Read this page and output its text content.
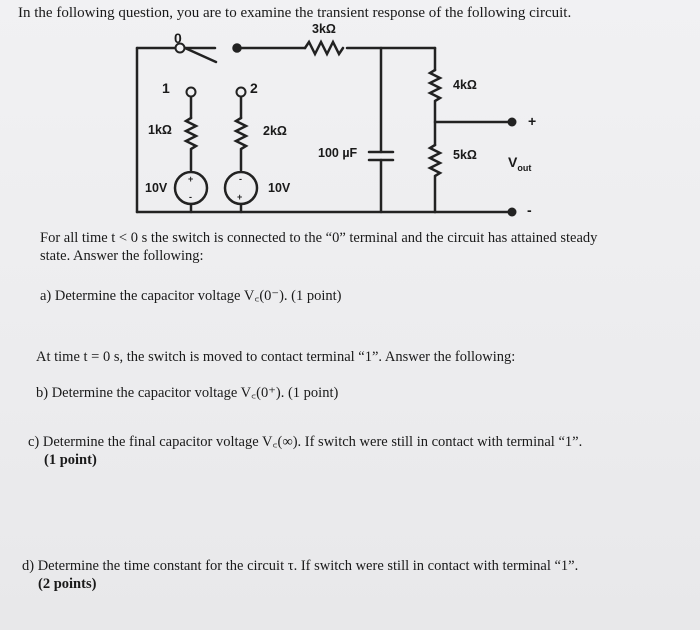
In the following question, you are to examine the transient response of the following circuit.
+
-
-
+
0
1	2
3kΩ
1kΩ	2kΩ
4kΩ
5kΩ
100 µF
10V	10V
+
-
$V_{out}$
For all time t < 0 s the switch is connected to the “0” terminal and the circuit has attained steady
state. Answer the following:
a) Determine the capacitor voltage V꜀(0⁻). (1 point)
At time t = 0 s, the switch is moved to contact terminal “1”. Answer the following:
b) Determine the capacitor voltage V꜀(0⁺). (1 point)
c) Determine the final capacitor voltage V꜀(∞). If switch were still in contact with terminal “1”.
(1 point)
d) Determine the time constant for the circuit τ. If switch were still in contact with terminal “1”.
(2 points)
